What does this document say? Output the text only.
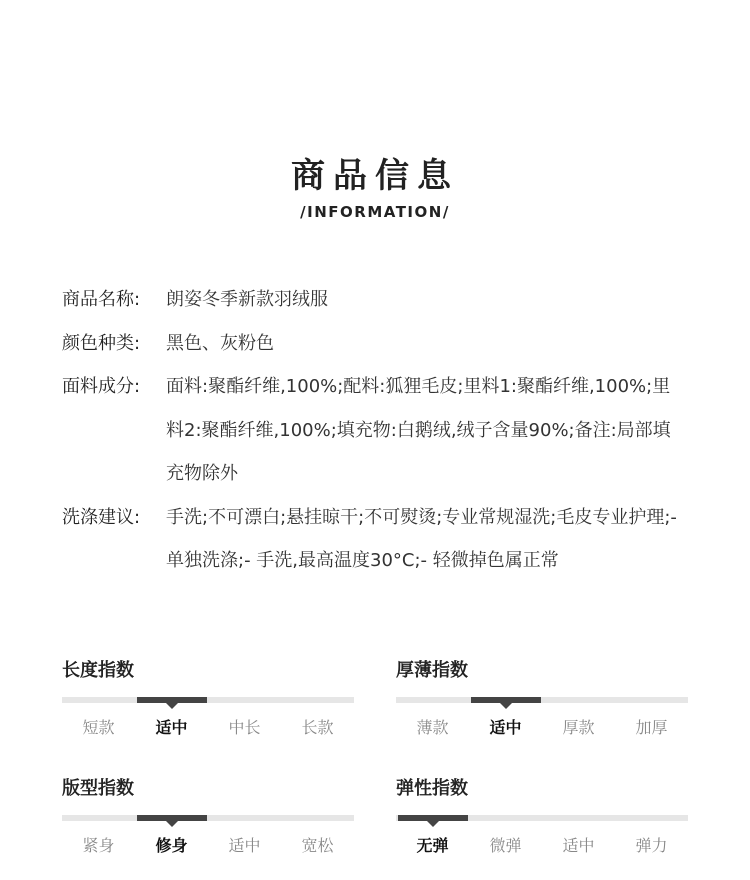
商品信息
/INFORMATION/
商品名称:	朗姿冬季新款羽绒服
颜色种类:	黑色、灰粉色
面料成分:	面料:聚酯纤维,100%;配料:狐狸毛皮;里料1:聚酯纤维,100%;里料2:聚酯纤维,100%;填充物:白鹅绒,绒子含量90%;备注:局部填充物除外
洗涤建议:	手洗;不可漂白;悬挂晾干;不可熨烫;专业常规湿洗;毛皮专业护理;- 单独洗涤;- 手洗,最高温度30°C;- 轻微掉色属正常
长度指数
短款	适中	中长	长款
厚薄指数
薄款	适中	厚款	加厚
版型指数
紧身	修身	适中	宽松
弹性指数
无弹	微弹	适中	弹力
